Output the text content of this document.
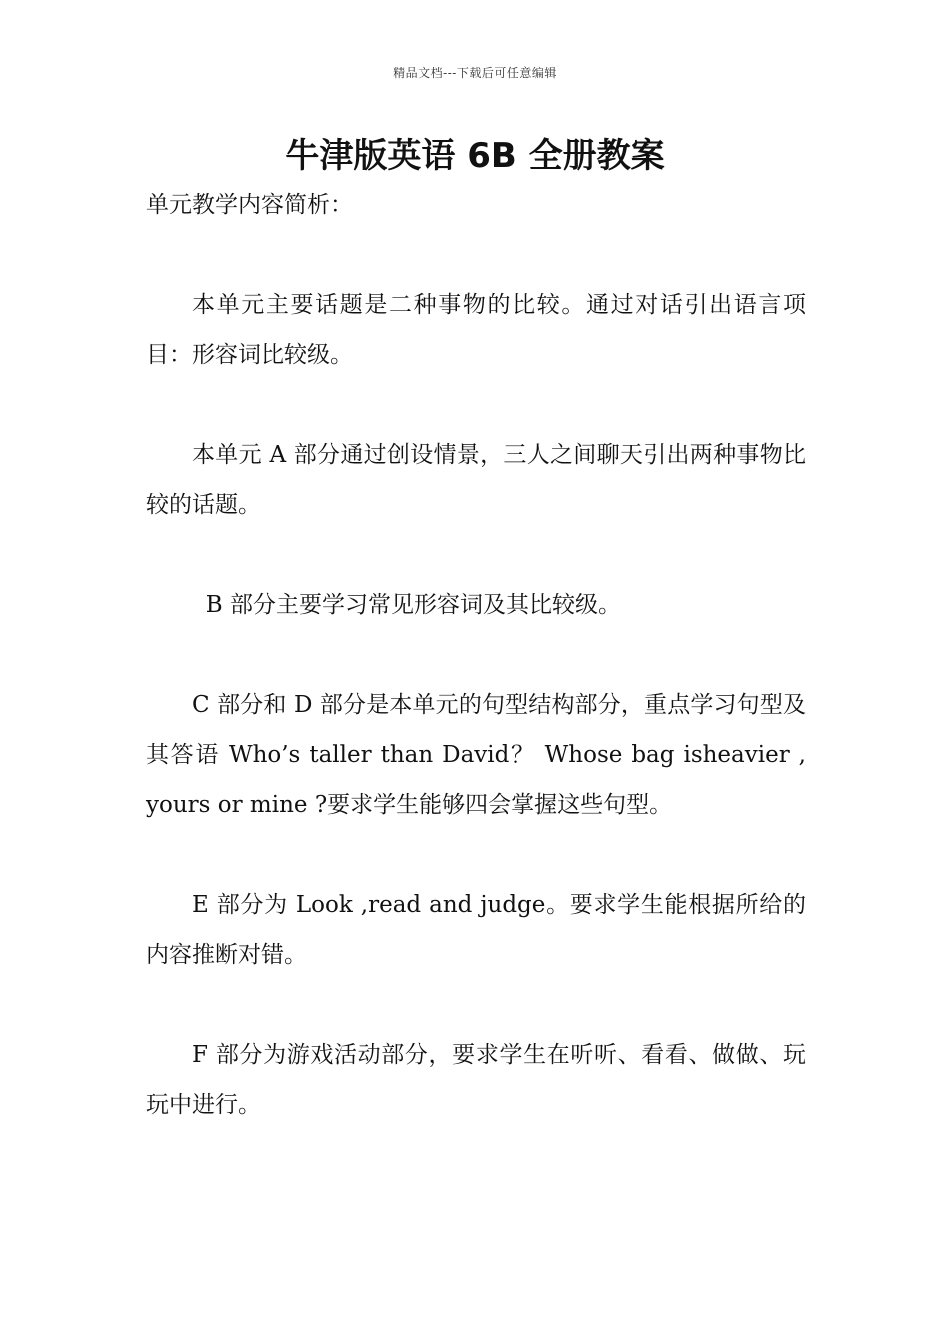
精品文档---下载后可任意编辑
牛津版英语 6B 全册教案

单元教学内容简析：

本单元主要话题是二种事物的比较。通过对话引出语言项目：形容词比较级。

本单元 A 部分通过创设情景，三人之间聊天引出两种事物比较的话题。

B 部分主要学习常见形容词及其比较级。

C 部分和 D 部分是本单元的句型结构部分，重点学习句型及其答语 Who’s taller than David？ Whose bag isheavier , yours or mine ?要求学生能够四会掌握这些句型。

E 部分为 Look ,read and judge。要求学生能根据所给的内容推断对错。

F 部分为游戏活动部分，要求学生在听听、看看、做做、玩玩中进行。
